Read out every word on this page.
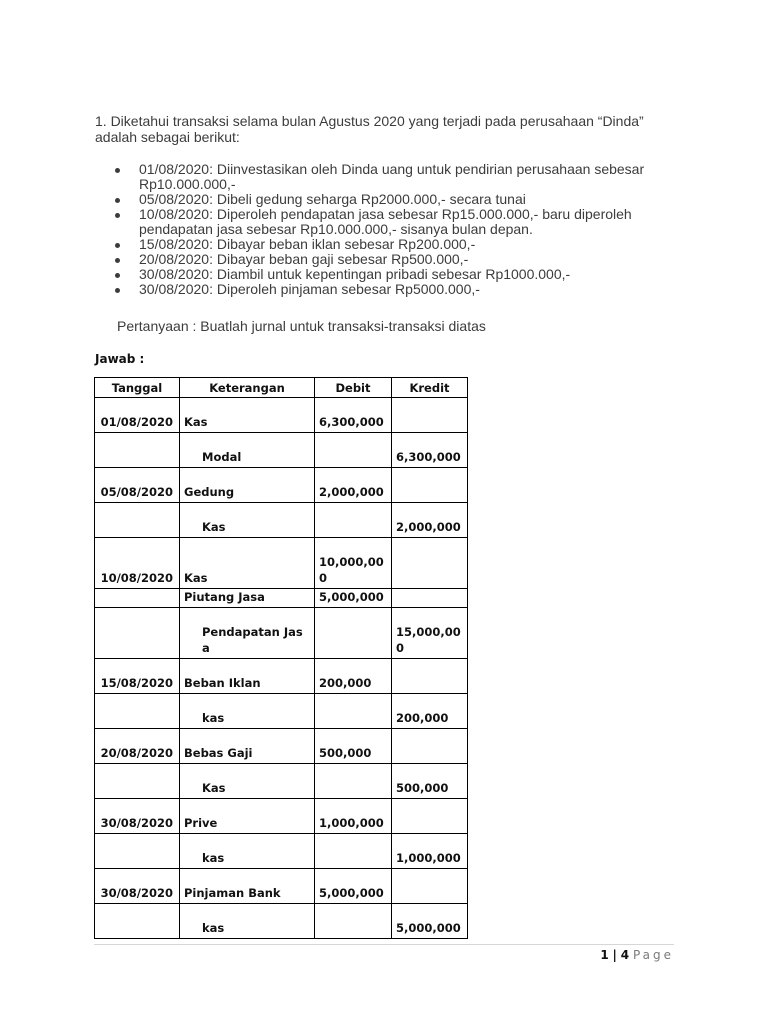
1. Diketahui transaksi selama bulan Agustus 2020 yang terjadi pada perusahaan “Dinda” adalah sebagai berikut:
01/08/2020: Diinvestasikan oleh Dinda uang untuk pendirian perusahaan sebesar Rp10.000.000,-
05/08/2020: Dibeli gedung seharga Rp2000.000,- secara tunai
10/08/2020: Diperoleh pendapatan jasa sebesar Rp15.000.000,- baru diperoleh pendapatan jasa sebesar Rp10.000.000,- sisanya bulan depan.
15/08/2020: Dibayar beban iklan sebesar Rp200.000,-
20/08/2020: Dibayar beban gaji sebesar Rp500.000,-
30/08/2020: Diambil untuk kepentingan pribadi sebesar Rp1000.000,-
30/08/2020: Diperoleh pinjaman sebesar Rp5000.000,-
Pertanyaan : Buatlah jurnal untuk transaksi-transaksi diatas
Jawab :
Tanggal	Keterangan	Debit	Kredit
01/08/2020	Kas	6,300,000	
	Modal		6,300,000
05/08/2020	Gedung	2,000,000	
	Kas		2,000,000
10/08/2020	Kas	10,000,000	
	Piutang Jasa	5,000,000	
	Pendapatan Jasa		15,000,000
15/08/2020	Beban Iklan	200,000	
	kas		200,000
20/08/2020	Bebas Gaji	500,000	
	Kas		500,000
30/08/2020	Prive	1,000,000	
	kas		1,000,000
30/08/2020	Pinjaman Bank	5,000,000	
	kas		5,000,000
1 | 4 Page
